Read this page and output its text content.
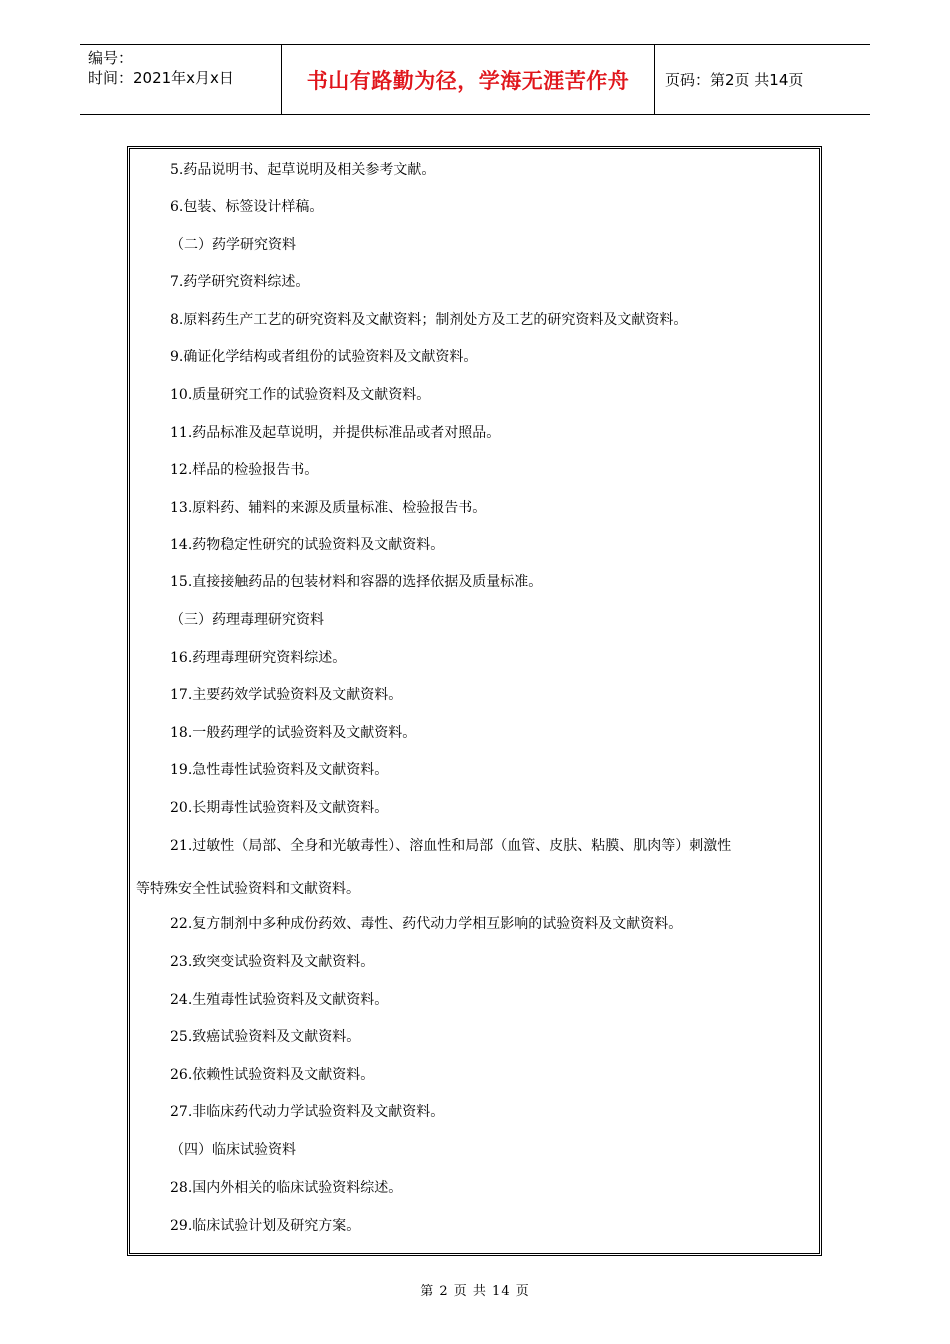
编号：
时间：2021年x月x日	书山有路勤为径，学海无涯苦作舟	页码：第2页 共14页
5.药品说明书、起草说明及相关参考文献。
6.包装、标签设计样稿。
（二）药学研究资料
7.药学研究资料综述。
8.原料药生产工艺的研究资料及文献资料；制剂处方及工艺的研究资料及文献资料。
9.确证化学结构或者组份的试验资料及文献资料。
10.质量研究工作的试验资料及文献资料。
11.药品标准及起草说明，并提供标准品或者对照品。
12.样品的检验报告书。
13.原料药、辅料的来源及质量标准、检验报告书。
14.药物稳定性研究的试验资料及文献资料。
15.直接接触药品的包装材料和容器的选择依据及质量标准。
（三）药理毒理研究资料
16.药理毒理研究资料综述。
17.主要药效学试验资料及文献资料。
18.一般药理学的试验资料及文献资料。
19.急性毒性试验资料及文献资料。
20.长期毒性试验资料及文献资料。
21.过敏性（局部、全身和光敏毒性）、溶血性和局部（血管、皮肤、粘膜、肌肉等）刺激性
等特殊安全性试验资料和文献资料。
22.复方制剂中多种成份药效、毒性、药代动力学相互影响的试验资料及文献资料。
23.致突变试验资料及文献资料。
24.生殖毒性试验资料及文献资料。
25.致癌试验资料及文献资料。
26.依赖性试验资料及文献资料。
27.非临床药代动力学试验资料及文献资料。
（四）临床试验资料
28.国内外相关的临床试验资料综述。
29.临床试验计划及研究方案。
第 2 页 共 14 页
